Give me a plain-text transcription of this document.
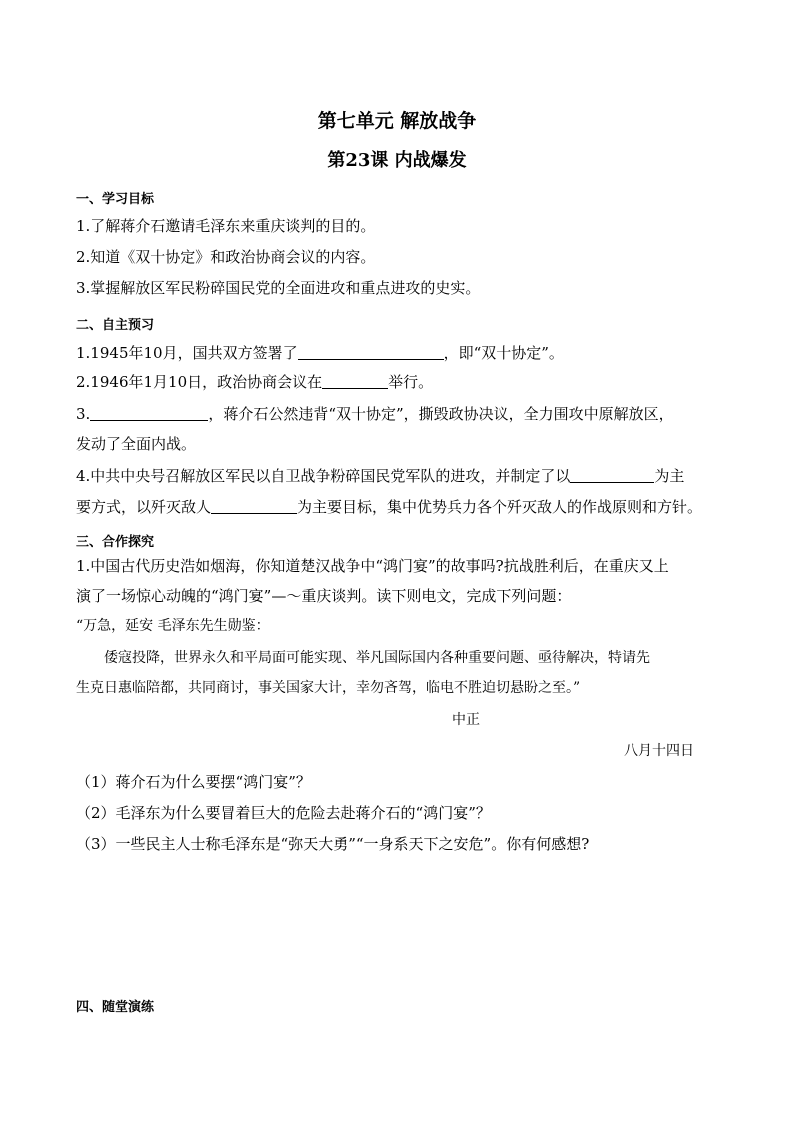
第七单元 解放战争
第23课 内战爆发
一、学习目标
1.了解蒋介石邀请毛泽东来重庆谈判的目的。
2.知道《双十协定》和政治协商会议的内容。
3.掌握解放区军民粉碎国民党的全面进攻和重点进攻的史实。
二、自主预习
1.1945年10月，国共双方签署了	，即“双十协定”。
2.1946年1月10日，政治协商会议在	举行。
3.	，蒋介石公然违背“双十协定”，撕毁政协决议，全力围攻中原解放区，
发动了全面内战。
4.中共中央号召解放区军民以自卫战争粉碎国民党军队的进攻，并制定了以	为主
要方式，以歼灭敌人	为主要目标，集中优势兵力各个歼灭敌人的作战原则和方针。
三、合作探究
1.中国古代历史浩如烟海，你知道楚汉战争中“鸿门宴”的故事吗?抗战胜利后，在重庆又上
演了一场惊心动魄的“鸿门宴”—～重庆谈判。读下则电文，完成下列问题：
“万急，延安 毛泽东先生勋鉴：
倭寇投降，世界永久和平局面可能实现、举凡国际国内各种重要问题、亟待解决，特请先
生克日惠临陪都，共同商讨，事关国家大计，幸勿吝驾，临电不胜迫切悬盼之至。”
中正
八月十四日
（1）蒋介石为什么要摆“鸿门宴”？
（2）毛泽东为什么要冒着巨大的危险去赴蒋介石的“鸿门宴”？
（3）一些民主人士称毛泽东是“弥天大勇”“一身系天下之安危”。你有何感想?
四、随堂演练
